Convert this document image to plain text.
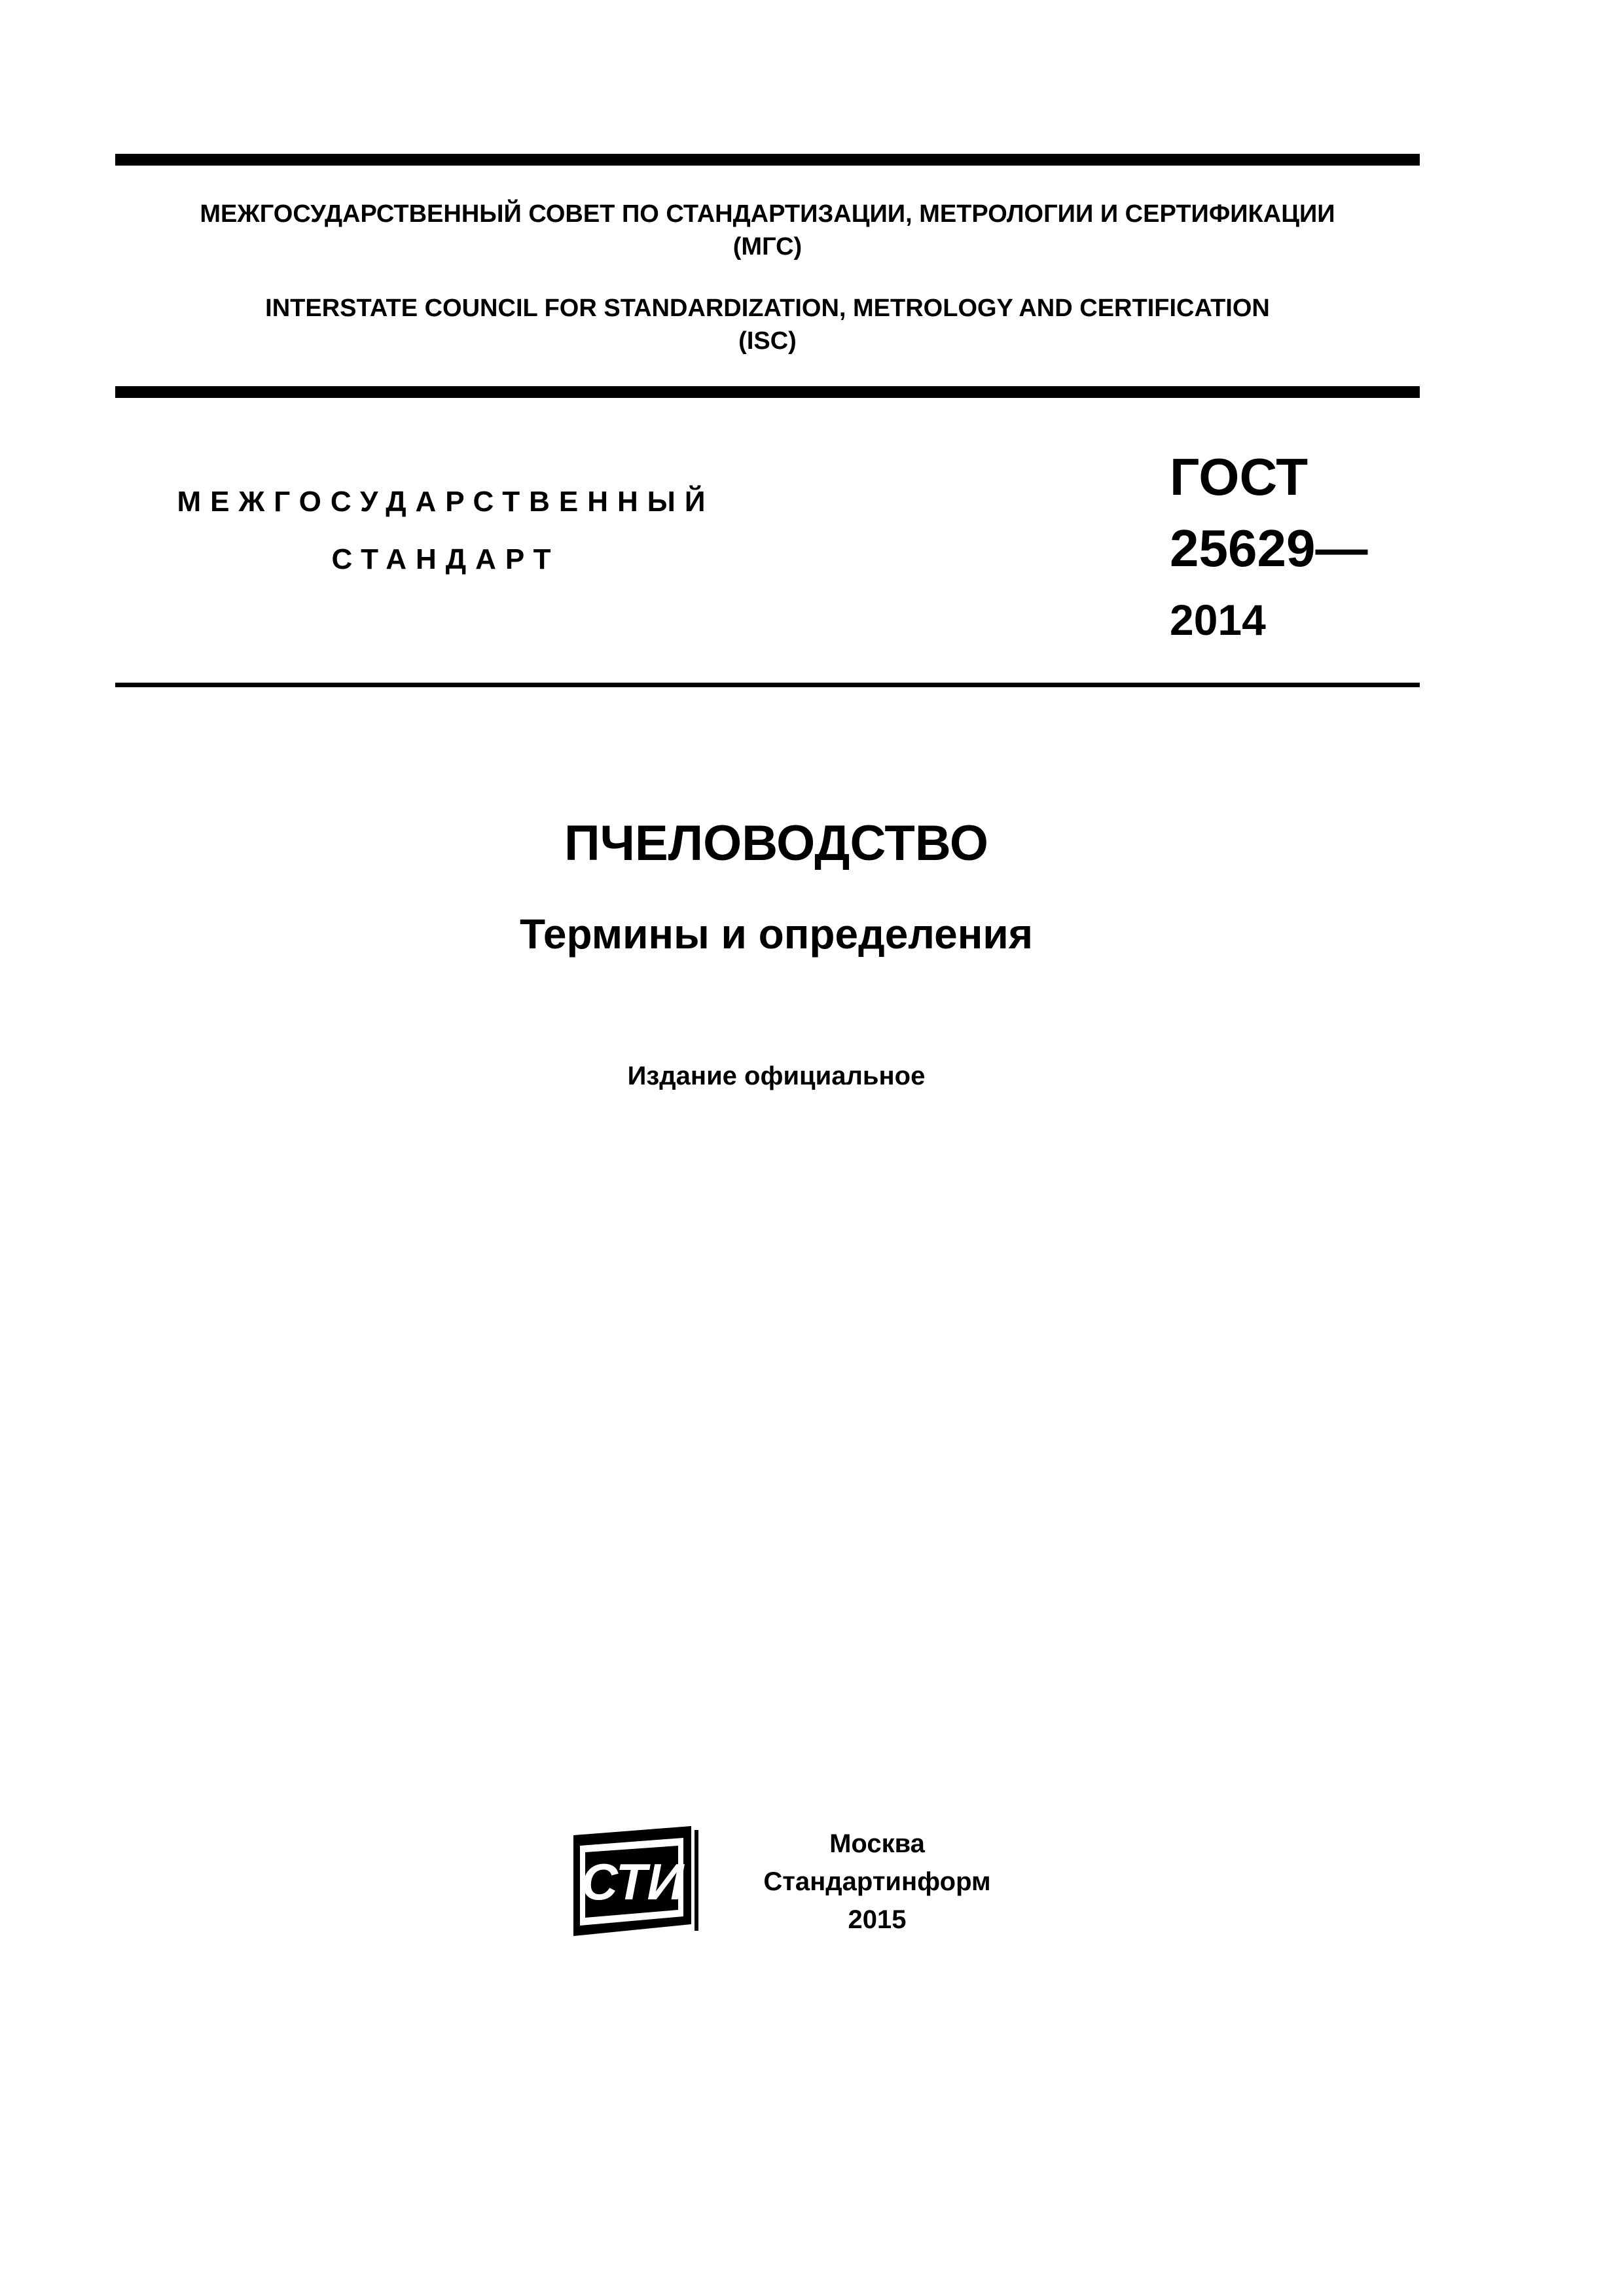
МЕЖГОСУДАРСТВЕННЫЙ СОВЕТ ПО СТАНДАРТИЗАЦИИ, МЕТРОЛОГИИ И СЕРТИФИКАЦИИ
(МГС)
INTERSTATE COUNCIL FOR STANDARDIZATION, METROLOGY AND CERTIFICATION
(ISC)
МЕЖГОСУДАРСТВЕННЫЙ
СТАНДАРТ
ГОСТ
25629—
2014
ПЧЕЛОВОДСТВО
Термины и определения
Издание официальное
СТИ
Москва
Стандартинформ
2015
